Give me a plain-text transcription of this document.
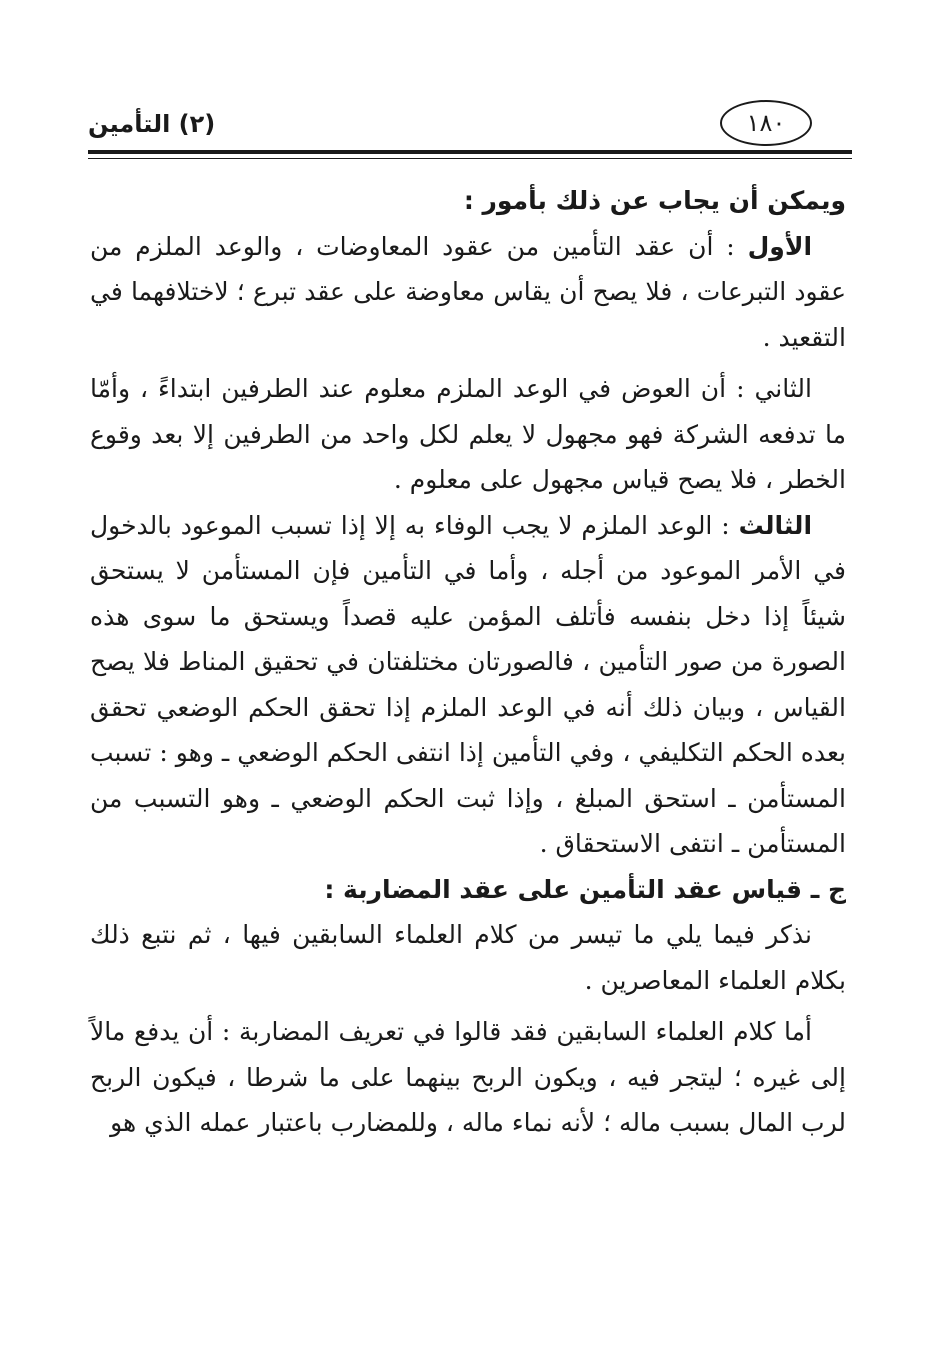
(٢) التأمين	١٨٠

ويمكن أن يجاب عن ذلك بأمور :

الأول : أن عقد التأمين من عقود المعاوضات ، والوعد الملزم من عقود التبرعات ، فلا يصح أن يقاس معاوضة على عقد تبرع ؛ لاختلافهما في التقعيد .

الثاني : أن العوض في الوعد الملزم معلوم عند الطرفين ابتداءً ، وأمّا ما تدفعه الشركة فهو مجهول لا يعلم لكل واحد من الطرفين إلا بعد وقوع الخطر ، فلا يصح قياس مجهول على معلوم .

الثالث : الوعد الملزم لا يجب الوفاء به إلا إذا تسبب الموعود بالدخول في الأمر الموعود من أجله ، وأما في التأمين فإن المستأمن لا يستحق شيئاً إذا دخل بنفسه فأتلف المؤمن عليه قصداً ويستحق ما سوى هذه الصورة من صور التأمين ، فالصورتان مختلفتان في تحقيق المناط فلا يصح القياس ، وبيان ذلك أنه في الوعد الملزم إذا تحقق الحكم الوضعي تحقق بعده الحكم التكليفي ، وفي التأمين إذا انتفى الحكم الوضعي ـ وهو : تسبب المستأمن ـ استحق المبلغ ، وإذا ثبت الحكم الوضعي ـ وهو التسبب من المستأمن ـ انتفى الاستحقاق .

ج ـ قياس عقد التأمين على عقد المضاربة :

نذكر فيما يلي ما تيسر من كلام العلماء السابقين فيها ، ثم نتبع ذلك بكلام العلماء المعاصرين .

أما كلام العلماء السابقين فقد قالوا في تعريف المضاربة : أن يدفع مالاً إلى غيره ؛ ليتجر فيه ، ويكون الربح بينهما على ما شرطا ، فيكون الربح لرب المال بسبب ماله ؛ لأنه نماء ماله ، وللمضارب باعتبار عمله الذي هو
